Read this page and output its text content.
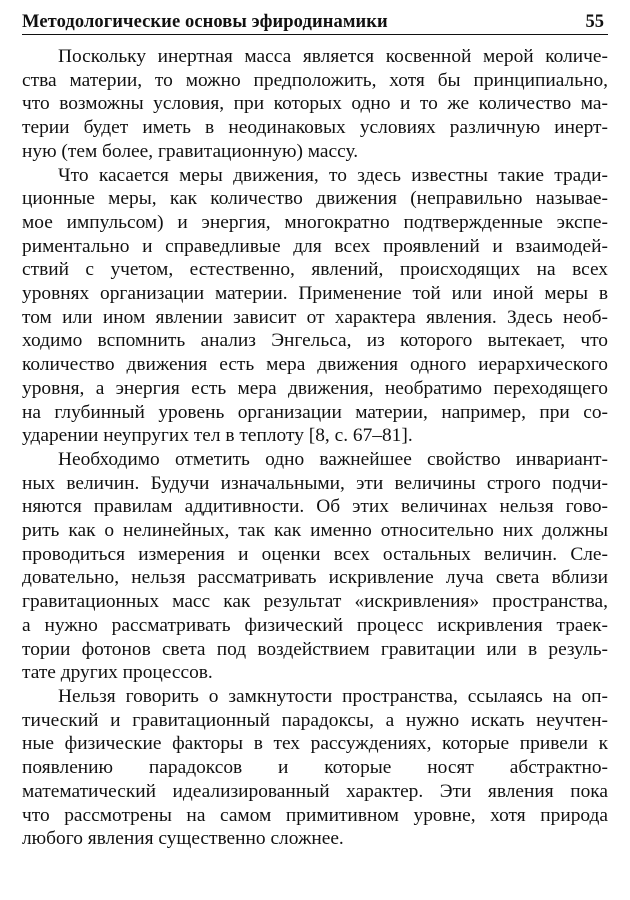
Методологические основы эфиродинамики	55
Поскольку инертная масса является косвенной мерой количе-
ства материи, то можно предположить, хотя бы принципиально,
что возможны условия, при которых одно и то же количество ма-
терии будет иметь в неодинаковых условиях различную инерт-
ную (тем более, гравитационную) массу.
Что касается меры движения, то здесь известны такие тради-
ционные меры, как количество движения (неправильно называе-
мое импульсом) и энергия, многократно подтвержденные экспе-
риментально и справедливые для всех проявлений и взаимодей-
ствий с учетом, естественно, явлений, происходящих на всех
уровнях организации материи. Применение той или иной меры в
том или ином явлении зависит от характера явления. Здесь необ-
ходимо вспомнить анализ Энгельса, из которого вытекает, что
количество движения есть мера движения одного иерархического
уровня, а энергия есть мера движения, необратимо переходящего
на глубинный уровень организации материи, например, при со-
ударении неупругих тел в теплоту [8, с. 67–81].
Необходимо отметить одно важнейшее свойство инвариант-
ных величин. Будучи изначальными, эти величины строго подчи-
няются правилам аддитивности. Об этих величинах нельзя гово-
рить как о нелинейных, так как именно относительно них должны
проводиться измерения и оценки всех остальных величин. Сле-
довательно, нельзя рассматривать искривление луча света вблизи
гравитационных масс как результат «искривления» пространства,
а нужно рассматривать физический процесс искривления траек-
тории фотонов света под воздействием гравитации или в резуль-
тате других процессов.
Нельзя говорить о замкнутости пространства, ссылаясь на оп-
тический и гравитационный парадоксы, а нужно искать неучтен-
ные физические факторы в тех рассуждениях, которые привели к
появлению парадоксов и которые носят абстрактно-
математический идеализированный характер. Эти явления пока
что рассмотрены на самом примитивном уровне, хотя природа
любого явления существенно сложнее.
